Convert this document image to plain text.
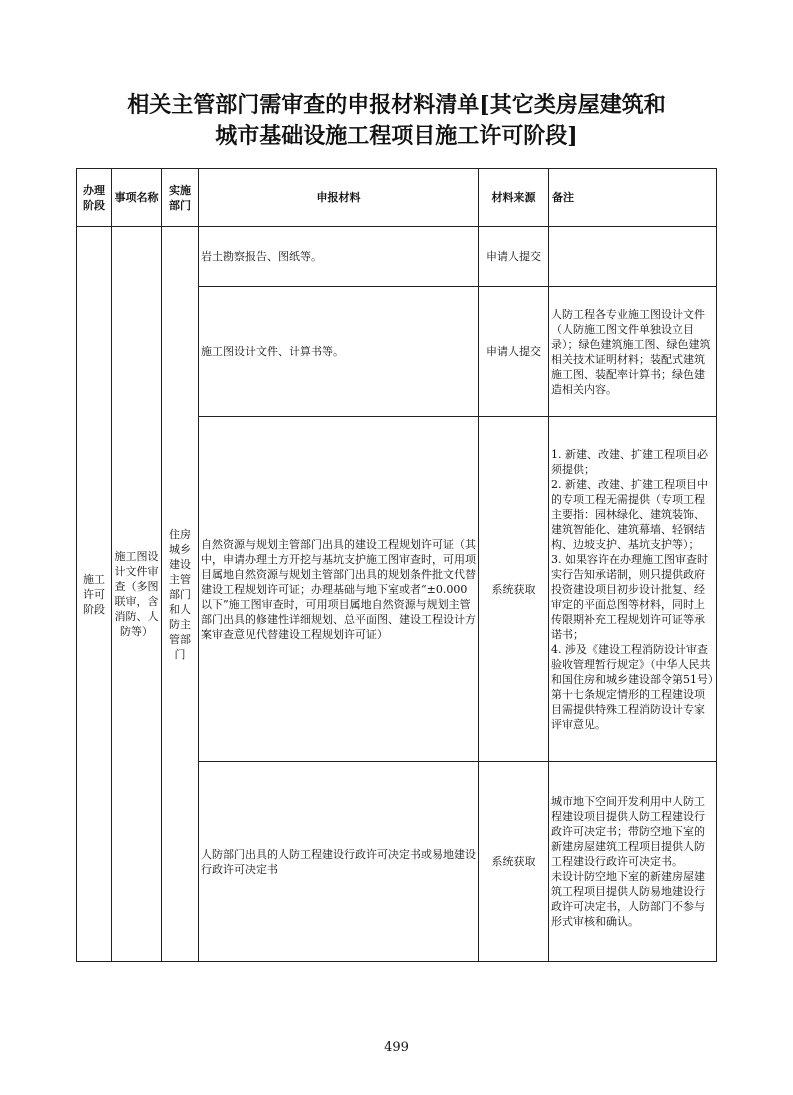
相关主管部门需审查的申报材料清单[其它类房屋建筑和
城市基础设施工程项目施工许可阶段]
办理阶段	事项名称	实施部门	申报材料	材料来源	备注
施工许可阶段	施工图设计文件审查（多图联审，含消防、人防等）	住房城乡建设主管部门和人防主管部门	岩土勘察报告、图纸等。	申请人提交	
			施工图设计文件、计算书等。	申请人提交	人防工程各专业施工图设计文件（人防施工图文件单独设立目录）；绿色建筑施工图、绿色建筑相关技术证明材料；装配式建筑施工图、装配率计算书；绿色建造相关内容。
			自然资源与规划主管部门出具的建设工程规划许可证（其中，申请办理土方开挖与基坑支护施工图审查时，可用项目属地自然资源与规划主管部门出具的规划条件批文代替建设工程规划许可证；办理基础与地下室或者“±0.000 以下”施工图审查时，可用项目属地自然资源与规划主管部门出具的修建性详细规划、总平面图、建设工程设计方案审查意见代替建设工程规划许可证）	系统获取	1. 新建、改建、扩建工程项目必须提供；
2. 新建、改建、扩建工程项目中的专项工程无需提供（专项工程主要指：园林绿化、建筑装饰、建筑智能化、建筑幕墙、轻钢结构、边坡支护、基坑支护等）；
3. 如果容许在办理施工图审查时实行告知承诺制，则只提供政府投资建设项目初步设计批复、经审定的平面总图等材料，同时上传限期补充工程规划许可证等承诺书；
4. 涉及《建设工程消防设计审查验收管理暂行规定》（中华人民共和国住房和城乡建设部令第51号）第十七条规定情形的工程建设项目需提供特殊工程消防设计专家评审意见。
			人防部门出具的人防工程建设行政许可决定书或易地建设行政许可决定书	系统获取	城市地下空间开发利用中人防工程建设项目提供人防工程建设行政许可决定书；带防空地下室的新建房屋建筑工程项目提供人防工程建设行政许可决定书。
未设计防空地下室的新建房屋建筑工程项目提供人防易地建设行政许可决定书，人防部门不参与形式审核和确认。
499
